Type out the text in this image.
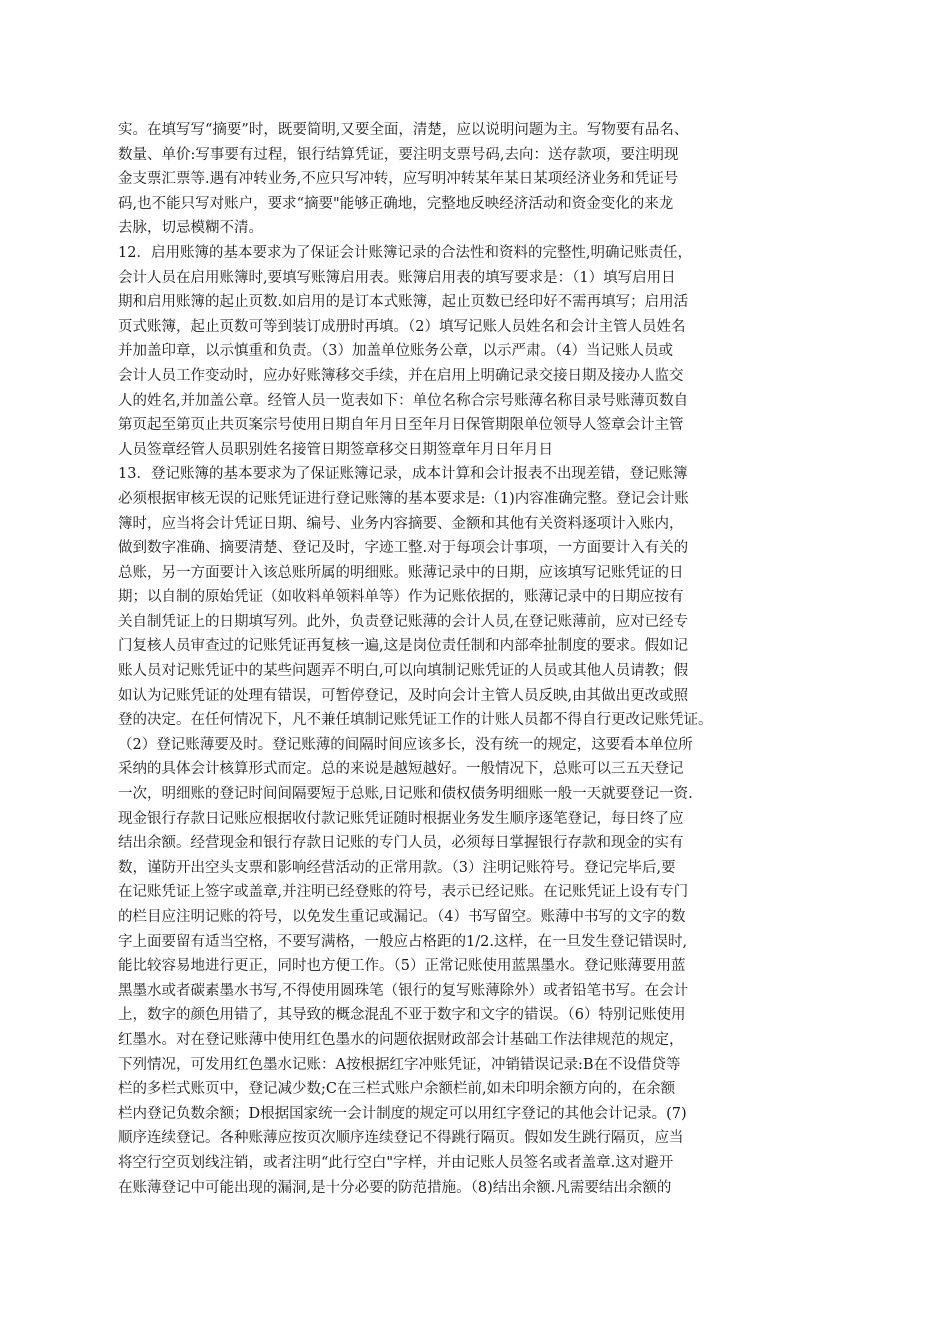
实。在填写写“摘要”时，既要简明,又要全面，清楚，应以说明问题为主。写物要有品名、
数量、单价:写事要有过程，银行结算凭证，要注明支票号码,去向：送存款项，要注明现
金支票汇票等.遇有冲转业务,不应只写冲转，应写明冲转某年某日某项经济业务和凭证号
码,也不能只写对账户，要求“摘要"能够正确地，完整地反映经济活动和资金变化的来龙
去脉，切忌模糊不清。
12．启用账簿的基本要求为了保证会计账簿记录的合法性和资料的完整性,明确记账责任，
会计人员在启用账簿时,要填写账簿启用表。账簿启用表的填写要求是：（1）填写启用日
期和启用账簿的起止页数.如启用的是订本式账簿，起止页数已经印好不需再填写；启用活
页式账簿，起止页数可等到装订成册时再填。（2）填写记账人员姓名和会计主管人员姓名
并加盖印章，以示慎重和负责。（3）加盖单位账务公章，以示严肃。（4）当记账人员或
会计人员工作变动时，应办好账簿移交手续，并在启用上明确记录交接日期及接办人监交
人的姓名,并加盖公章。经管人员一览表如下：单位名称合宗号账薄名称目录号账薄页数自
第页起至第页止共页案宗号使用日期自年月日至年月日保管期限单位领导人签章会计主管
人员签章经管人员职别姓名接管日期签章移交日期签章年月日年月日
13．登记账簿的基本要求为了保证账簿记录，成本计算和会计报表不出现差错，登记账簿
必须根据审核无误的记账凭证进行登记账簿的基本要求是:（1)内容准确完整。登记会计账
簿时，应当将会计凭证日期、编号、业务内容摘要、金额和其他有关资料逐项计入账内，
做到数字准确、摘要清楚、登记及时，字迹工整.对于每项会计事项，一方面要计入有关的
总账，另一方面要计入该总账所属的明细账。账薄记录中的日期，应该填写记账凭证的日
期；以自制的原始凭证（如收料单领料单等）作为记账依据的，账薄记录中的日期应按有
关自制凭证上的日期填写列。此外，负责登记账薄的会计人员,在登记账薄前，应对已经专
门复核人员审查过的记账凭证再复核一遍,这是岗位责任制和内部牵扯制度的要求。假如记
账人员对记账凭证中的某些问题弄不明白,可以向填制记账凭证的人员或其他人员请教；假
如认为记账凭证的处理有错误，可暂停登记，及时向会计主管人员反映,由其做出更改或照
登的决定。在任何情况下，凡不兼任填制记账凭证工作的计账人员都不得自行更改记账凭证。
（2）登记账薄要及时。登记账薄的间隔时间应该多长，没有统一的规定，这要看本单位所
采纳的具体会计核算形式而定。总的来说是越短越好。一般情况下，总账可以三五天登记
一次，明细账的登记时间间隔要短于总账,日记账和债权债务明细账一般一天就要登记一资.
现金银行存款日记账应根据收付款记账凭证随时根据业务发生顺序逐笔登记，每日终了应
结出余额。经营现金和银行存款日记账的专门人员，必须每日掌握银行存款和现金的实有
数，谨防开出空头支票和影响经营活动的正常用款。（3）注明记账符号。登记完毕后,要
在记账凭证上签字或盖章,并注明已经登账的符号，表示已经记账。在记账凭证上设有专门
的栏目应注明记账的符号，以免发生重记或漏记。（4）书写留空。账薄中书写的文字的数
字上面要留有适当空格，不要写满格，一般应占格距的1/2.这样，在一旦发生登记错误时,
能比较容易地进行更正，同时也方便工作。（5）正常记账使用蓝黑墨水。登记账薄要用蓝
黑墨水或者碳素墨水书写,不得使用圆珠笔（银行的复写账薄除外）或者铅笔书写。在会计
上，数字的颜色用错了，其导致的概念混乱不亚于数字和文字的错误。（6）特别记账使用
红墨水。对在登记账薄中使用红色墨水的问题依据财政部会计基础工作法律规范的规定，
下列情况，可发用红色墨水记账：A按根据红字冲账凭证，冲销错误记录:B在不设借贷等
栏的多栏式账页中，登记减少数;C在三栏式账户余额栏前,如未印明余额方向的，在余额
栏内登记负数余额；D根据国家统一会计制度的规定可以用红字登记的其他会计记录。(7)
顺序连续登记。各种账薄应按页次顺序连续登记不得跳行隔页。假如发生跳行隔页，应当
将空行空页划线注销，或者注明“此行空白"字样，并由记账人员签名或者盖章.这对避开
在账薄登记中可能出现的漏洞,是十分必要的防范措施。（8)结出余额.凡需要结出余额的
